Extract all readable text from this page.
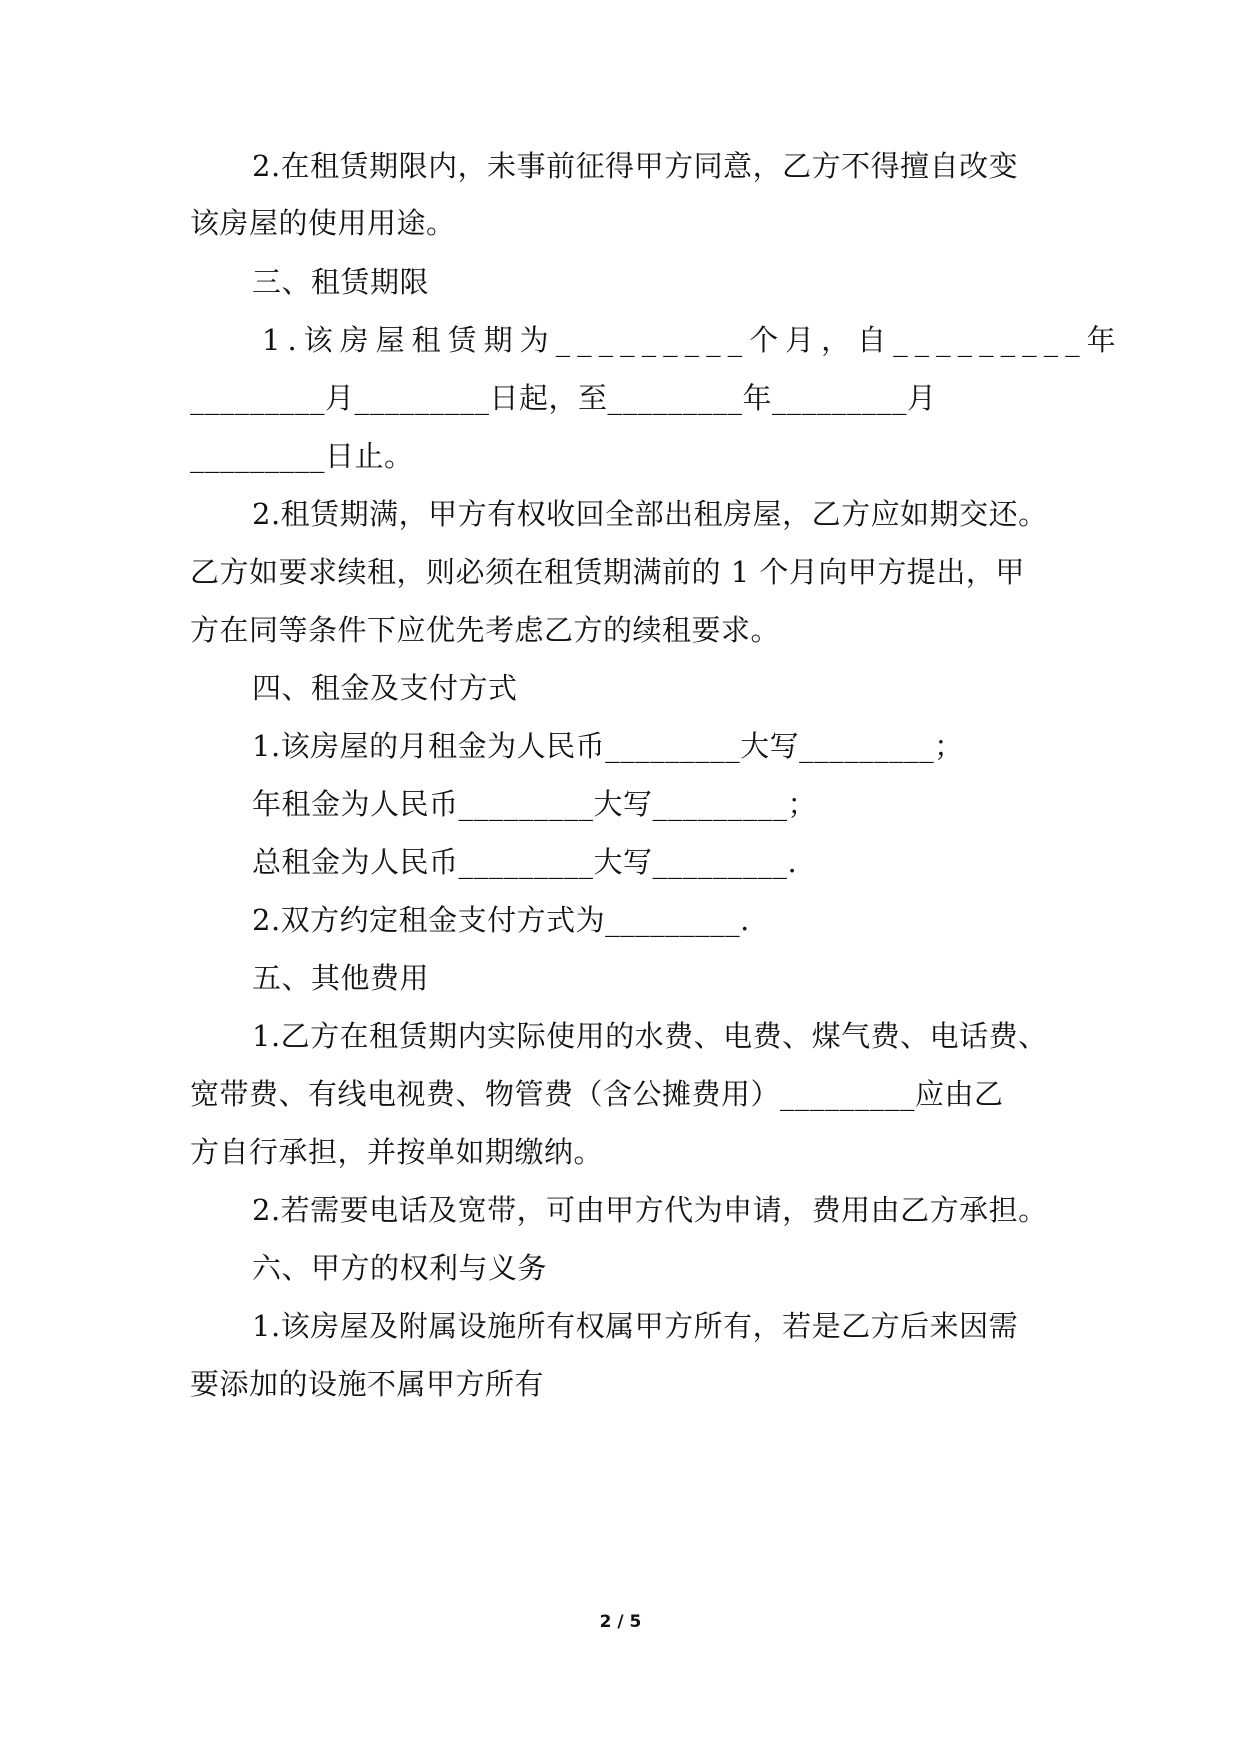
2.在租赁期限内，未事前征得甲方同意，乙方不得擅自改变
该房屋的使用用途。
三、租赁期限
1.该房屋租赁期为_________个月，自_________年
_________月_________日起，至_________年_________月
_________日止。
2.租赁期满，甲方有权收回全部出租房屋，乙方应如期交还。
乙方如要求续租，则必须在租赁期满前的 1 个月向甲方提出，甲
方在同等条件下应优先考虑乙方的续租要求。
四、租金及支付方式
1.该房屋的月租金为人民币_________大写_________；
年租金为人民币_________大写_________；
总租金为人民币_________大写_________.
2.双方约定租金支付方式为_________.
五、其他费用
1.乙方在租赁期内实际使用的水费、电费、煤气费、电话费、
宽带费、有线电视费、物管费（含公摊费用）_________应由乙
方自行承担，并按单如期缴纳。
2.若需要电话及宽带，可由甲方代为申请，费用由乙方承担。
六、甲方的权利与义务
1.该房屋及附属设施所有权属甲方所有，若是乙方后来因需
要添加的设施不属甲方所有
2 / 5
